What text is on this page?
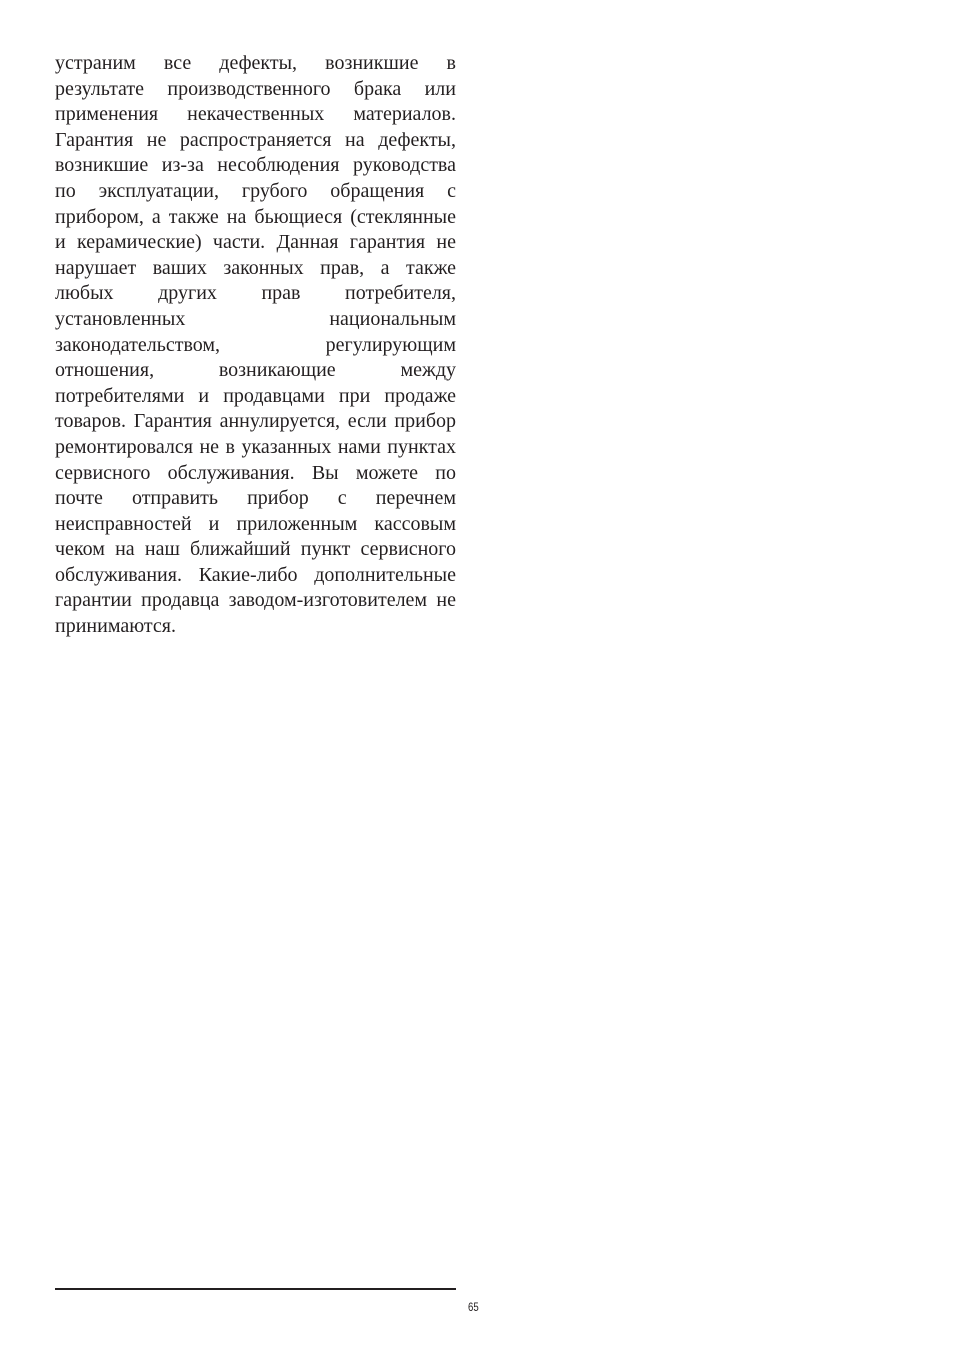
устраним все дефекты, возникшие в результате производственного брака или применения некачественных материалов. Гарантия не распространяется на дефекты, возникшие из-за несоблюдения руководства по эксплуатации, грубого обращения с прибором, а также на бьющиеся (стеклянные и керамические) части. Данная гарантия не нарушает ваших законных прав, а также любых других прав потребителя, установленных национальным законодательством, регулирующим отношения, возникающие между потребителями и продавцами при продаже товаров. Гарантия аннулируется, если прибор ремонтировался не в указанных нами пунктах сервисного обслуживания. Вы можете по почте отправить прибор с перечнем неисправностей и приложенным кассовым чеком на наш ближайший пункт сервисного обслуживания. Какие-либо дополнительные гарантии продавца заводом-изготовителем не принимаются.

65
